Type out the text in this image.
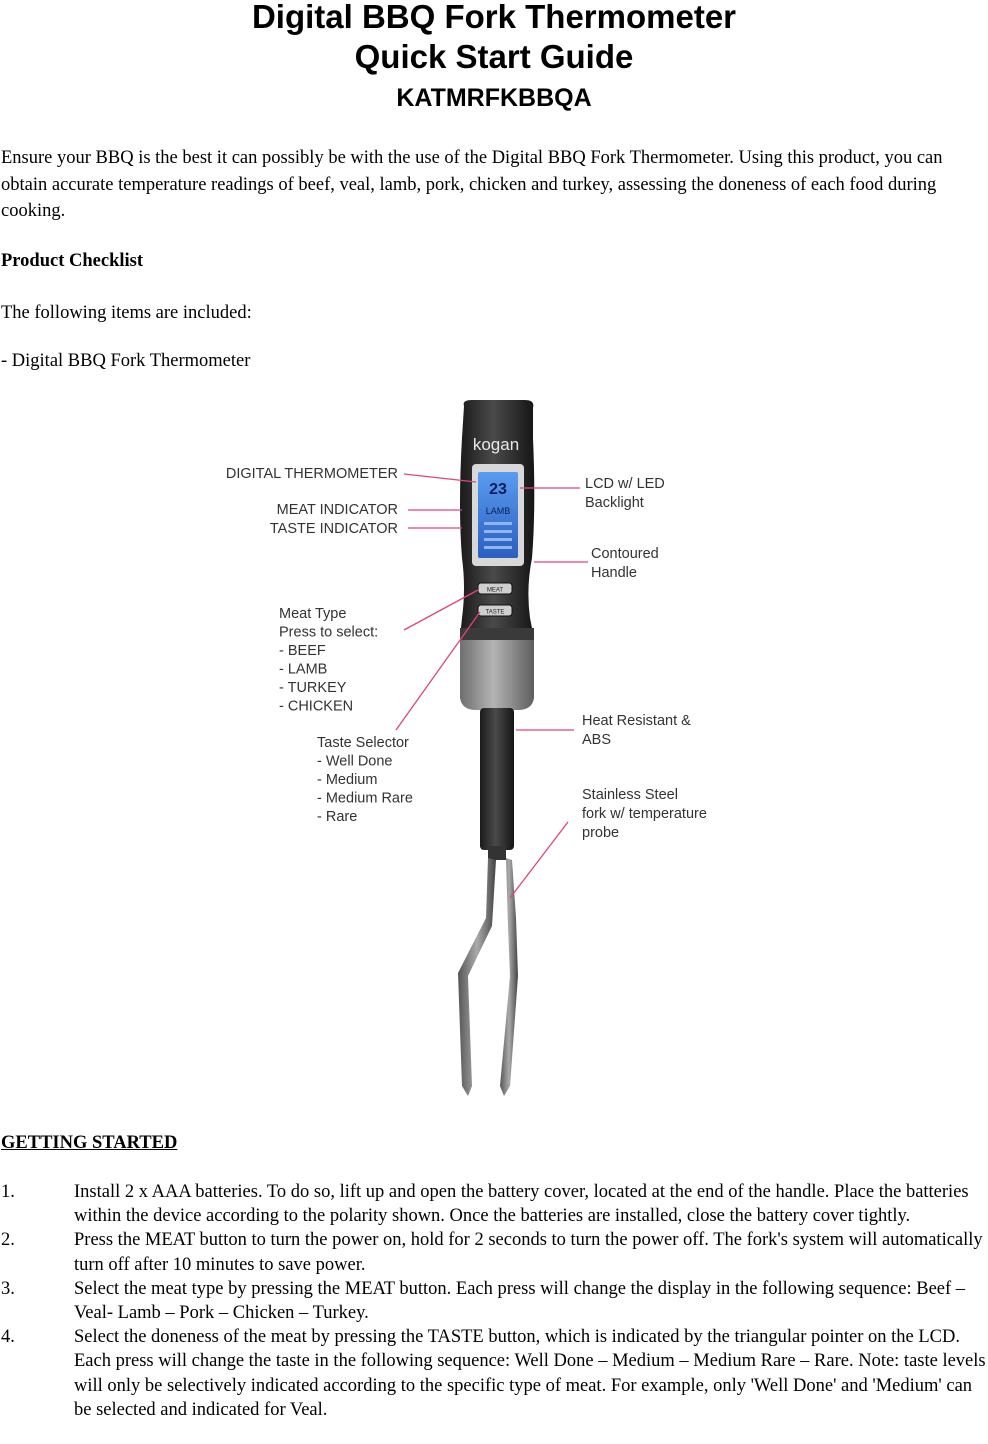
Digital BBQ Fork Thermometer
Quick Start Guide
KATMRFKBBQA
Ensure your BBQ is the best it can possibly be with the use of the Digital BBQ Fork Thermometer. Using this product, you can obtain accurate temperature readings of beef, veal, lamb, pork, chicken and turkey, assessing the doneness of each food during cooking.
Product Checklist
The following items are included:
- Digital BBQ Fork Thermometer
kogan
23
LAMB
MEAT
TASTE
DIGITAL THERMOMETER
MEAT INDICATOR
TASTE INDICATOR
Meat Type
Press to select:
- BEEF
- LAMB
- TURKEY
- CHICKEN
Taste Selector
- Well Done
- Medium
- Medium Rare
- Rare
LCD w/ LED
Backlight
Contoured
Handle
Heat Resistant &
ABS
Stainless Steel
fork w/ temperature
probe
GETTING STARTED
1.	Install 2 x AAA batteries. To do so, lift up and open the battery cover, located at the end of the handle. Place the batteries within the device according to the polarity shown. Once the batteries are installed, close the battery cover tightly.
2.	Press the MEAT button to turn the power on, hold for 2 seconds to turn the power off. The fork's system will automatically turn off after 10 minutes to save power.
3.	Select the meat type by pressing the MEAT button. Each press will change the display in the following sequence: Beef – Veal- Lamb – Pork – Chicken – Turkey.
4.	Select the doneness of the meat by pressing the TASTE button, which is indicated by the triangular pointer on the LCD. Each press will change the taste in the following sequence: Well Done – Medium – Medium Rare – Rare. Note: taste levels will only be selectively indicated according to the specific type of meat. For example, only 'Well Done' and 'Medium' can be selected and indicated for Veal.
